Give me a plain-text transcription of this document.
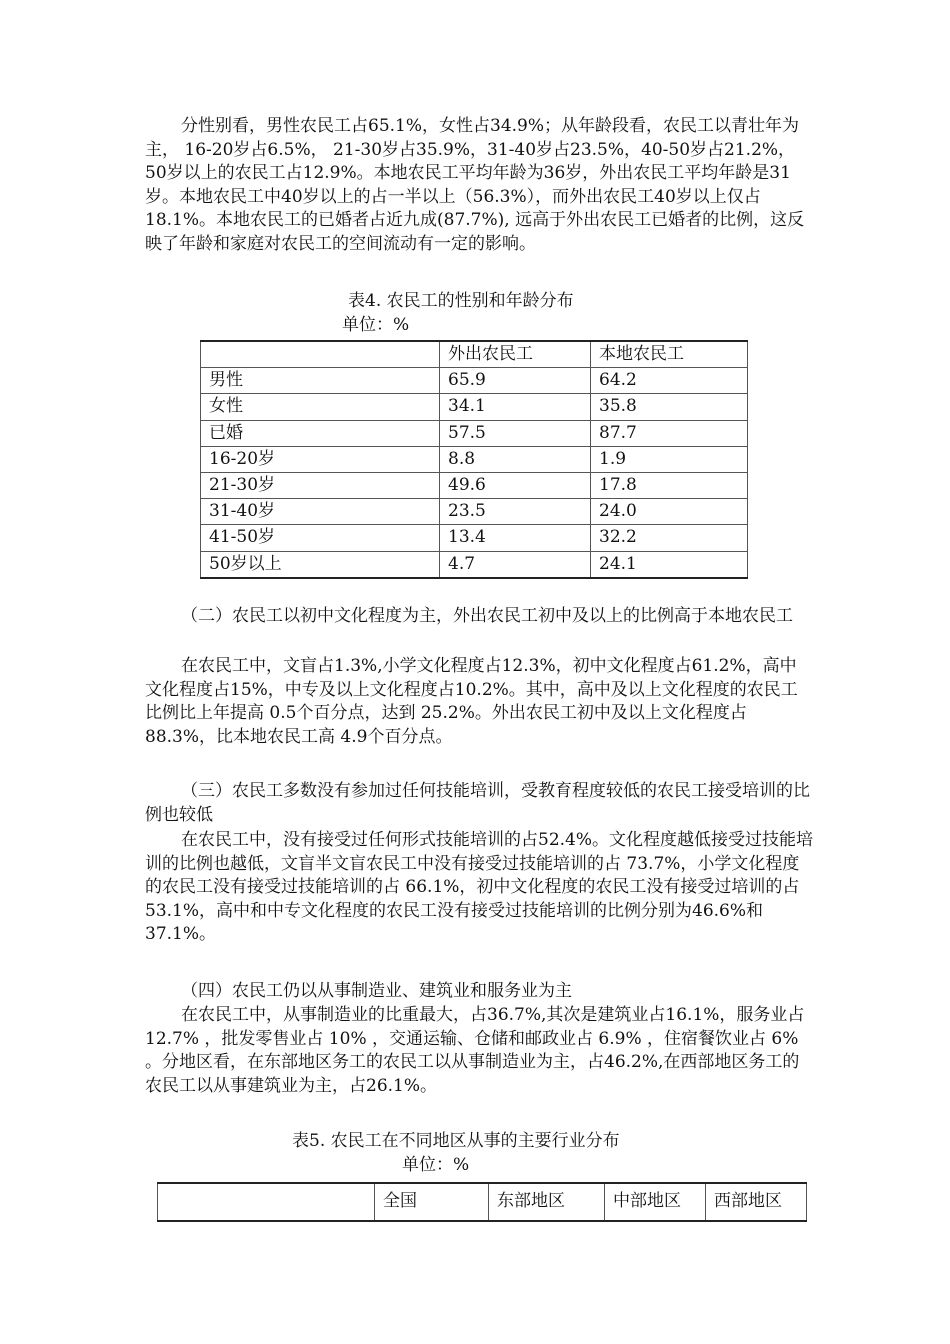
分性别看，男性农民工占65.1%，女性占34.9%；从年龄段看，农民工以青壮年为主， 16-20岁占6.5%， 21-30岁占35.9%，31-40岁占23.5%，40-50岁占21.2%，50岁以上的农民工占12.9%。本地农民工平均年龄为36岁，外出农民工平均年龄是31岁。本地农民工中40岁以上的占一半以上（56.3%），而外出农民工40岁以上仅占18.1%。本地农民工的已婚者占近九成(87.7%), 远高于外出农民工已婚者的比例，这反映了年龄和家庭对农民工的空间流动有一定的影响。

表4. 农民工的性别和年龄分布
单位：%
	外出农民工	本地农民工
男性	65.9	64.2
女性	34.1	35.8
已婚	57.5	87.7
16-20岁	8.8	1.9
21-30岁	49.6	17.8
31-40岁	23.5	24.0
41-50岁	13.4	32.2
50岁以上	4.7	24.1

（二）农民工以初中文化程度为主，外出农民工初中及以上的比例高于本地农民工

在农民工中，文盲占1.3%,小学文化程度占12.3%，初中文化程度占61.2%，高中文化程度占15%，中专及以上文化程度占10.2%。其中，高中及以上文化程度的农民工比例比上年提高 0.5个百分点，达到 25.2%。外出农民工初中及以上文化程度占88.3%，比本地农民工高 4.9个百分点。

（三）农民工多数没有参加过任何技能培训，受教育程度较低的农民工接受培训的比例也较低

在农民工中，没有接受过任何形式技能培训的占52.4%。文化程度越低接受过技能培训的比例也越低，文盲半文盲农民工中没有接受过技能培训的占 73.7%，小学文化程度的农民工没有接受过技能培训的占 66.1%，初中文化程度的农民工没有接受过培训的占53.1%，高中和中专文化程度的农民工没有接受过技能培训的比例分别为46.6%和37.1%。

（四）农民工仍以从事制造业、建筑业和服务业为主

在农民工中，从事制造业的比重最大，占36.7%,其次是建筑业占16.1%，服务业占 12.7% ，批发零售业占 10% ，交通运输、仓储和邮政业占 6.9% ，住宿餐饮业占 6% 。分地区看，在东部地区务工的农民工以从事制造业为主，占46.2%,在西部地区务工的农民工以从事建筑业为主，占26.1%。

表5. 农民工在不同地区从事的主要行业分布
单位：%
	全国	东部地区	中部地区	西部地区
